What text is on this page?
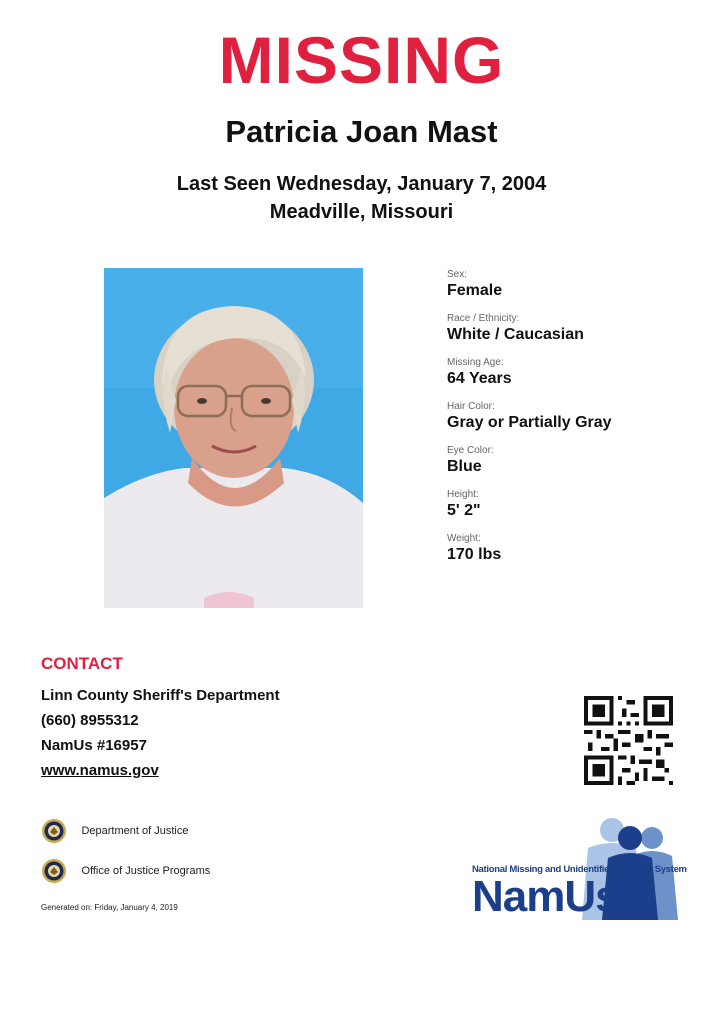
MISSING
Patricia Joan Mast
Last Seen Wednesday, January 7, 2004
Meadville, Missouri
Sex:
Female
Race / Ethnicity:
White / Caucasian
Missing Age:
64 Years
Hair Color:
Gray or Partially Gray
Eye Color:
Blue
Height:
5' 2"
Weight:
170 lbs
CONTACT
Linn County Sheriff's Department
(660) 8955312
NamUs #16957
www.namus.gov
Department of Justice
Office of Justice Programs
Generated on: Friday, January 4, 2019
National Missing and Unidentified Persons System
NamUs
